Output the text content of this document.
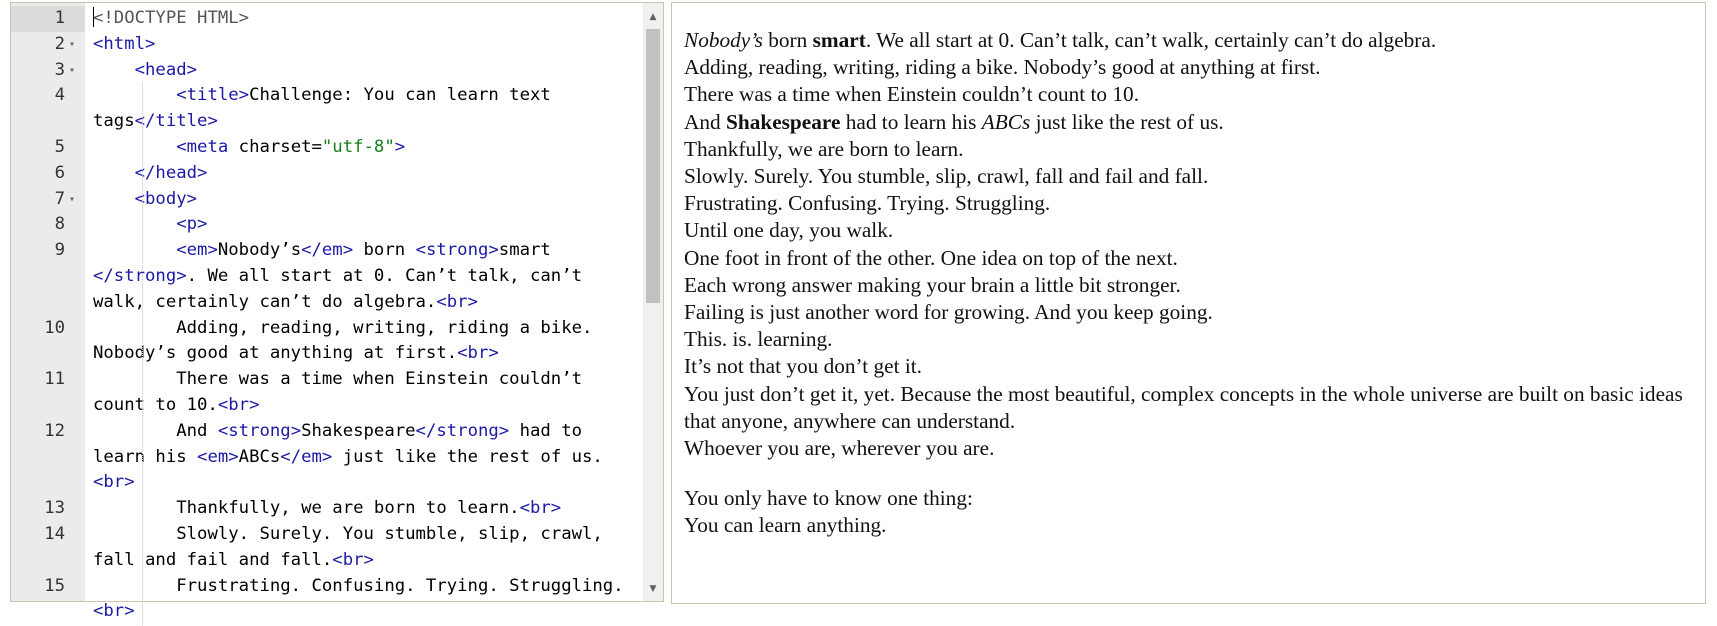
1 <!DOCTYPE HTML>
2 ▾	<html>
3 ▾	<head>
4	<title>Challenge: You can learn text tags</title>
5	<meta charset="utf-8">
6	</head>
7 ▾	<body>
8	<p>
9	<em>Nobody’s</em> born <strong>smart </strong>. We all start at 0. Can’t talk, can’t walk, certainly can’t do algebra.<br>
10 Adding, reading, writing, riding a bike. Nobody’s good at anything at first.<br>
11 There was a time when Einstein couldn’t count to 10.<br>
12 And <strong>Shakespeare</strong> had to learn his <em>ABCs</em> just like the rest of us.<br>
13 Thankfully, we are born to learn.<br>
14 Slowly. Surely. You stumble, slip, crawl, fall and fail and fall.<br>
15 Frustrating. Confusing. Trying. Struggling.<br>
▲
▼

Nobody’s born smart. We all start at 0. Can’t talk, can’t walk, certainly can’t do algebra.
Adding, reading, writing, riding a bike. Nobody’s good at anything at first.
There was a time when Einstein couldn’t count to 10.
And Shakespeare had to learn his ABCs just like the rest of us.
Thankfully, we are born to learn.
Slowly. Surely. You stumble, slip, crawl, fall and fail and fall.
Frustrating. Confusing. Trying. Struggling.
Until one day, you walk.
One foot in front of the other. One idea on top of the next.
Each wrong answer making your brain a little bit stronger.
Failing is just another word for growing. And you keep going.
This. is. learning.
It’s not that you don’t get it.
You just don’t get it, yet. Because the most beautiful, complex concepts in the whole universe are built on basic ideas that anyone, anywhere can understand.
Whoever you are, wherever you are.

You only have to know one thing:
You can learn anything.
